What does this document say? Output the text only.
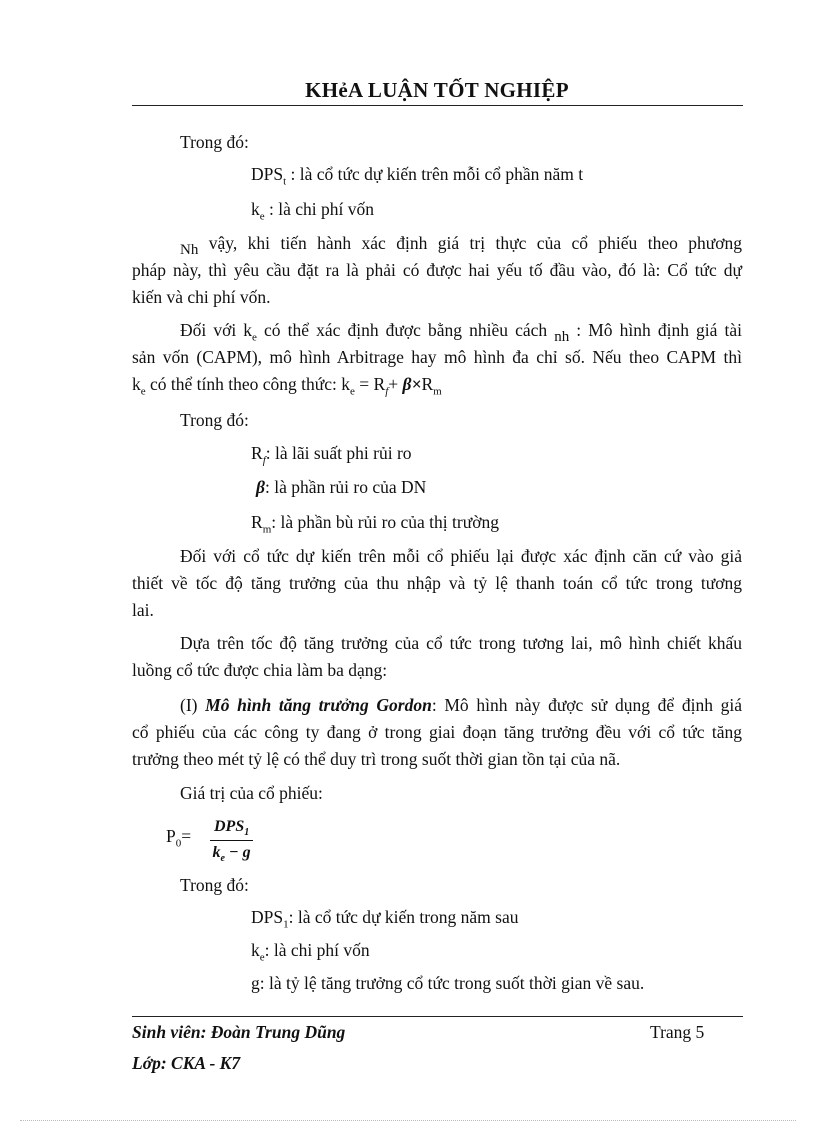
KHẻA LUẬN TỐT NGHIỆP
Trong đó:
$DPS_t$ : là cổ tức dự kiến trên mỗi cổ phần năm t
$k_e$ : là chi phí vốn
Nh vậy, khi tiến hành xác định giá trị thực của cổ phiếu theo phương
pháp này, thì yêu cầu đặt ra là phải có được hai yếu tố đầu vào, đó là: Cổ tức dự
kiến và chi phí vốn.
Đối với $k_e$ có thể xác định được bằng nhiều cách nh : Mô hình định giá tài
sản vốn (CAPM), mô hình Arbitrage hay mô hình đa chỉ số. Nếu theo CAPM thì
$k_e$ có thể tính theo công thức: $k_e = R_f+ \beta\times R_m$
Trong đó:
$R_f$: là lãi suất phi rủi ro
β: là phần rủi ro của DN
$R_m$: là phần bù rủi ro của thị trường
Đối với cổ tức dự kiến trên mỗi cổ phiếu lại được xác định căn cứ vào giả
thiết về tốc độ tăng trưởng của thu nhập và tỷ lệ thanh toán cổ tức trong tương
lai.
Dựa trên tốc độ tăng trưởng của cổ tức trong tương lai, mô hình chiết khấu
luồng cổ tức được chia làm ba dạng:
(I) Mô hình tăng trưởng Gordon: Mô hình này được sử dụng để định giá
cổ phiếu của các công ty đang ở trong giai đoạn tăng trưởng đều với cổ tức tăng
trưởng theo mét tỷ lệ có thể duy trì trong suốt thời gian tồn tại của nã.
Giá trị của cổ phiếu:
$P_0= DPS_1$
$k_e - g$
Trong đó:
$DPS_1$: là cổ tức dự kiến trong năm sau
$k_e$: là chi phí vốn
g: là tỷ lệ tăng trưởng cổ tức trong suốt thời gian về sau.
Sinh viên: Đoàn Trung Dũng	Trang 5
Lớp: CKA - K7
